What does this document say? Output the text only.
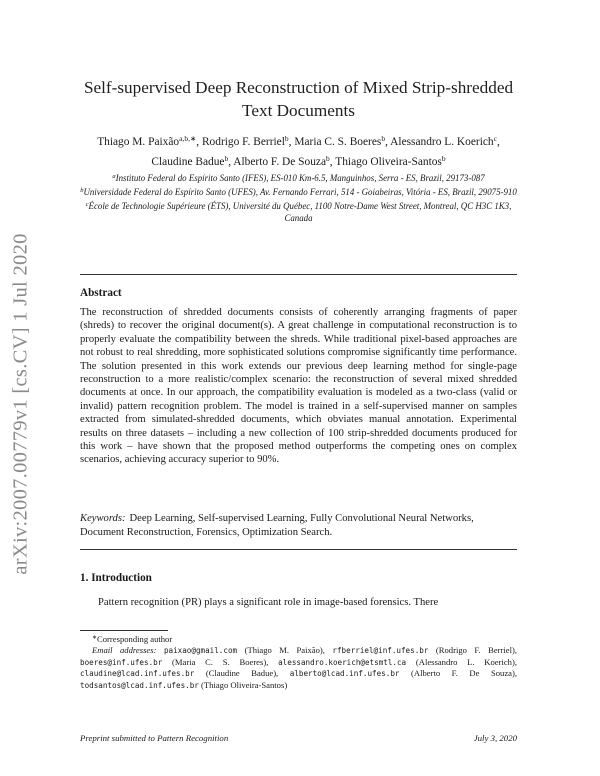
arXiv:2007.00779v1 [cs.CV] 1 Jul 2020
Self-supervised Deep Reconstruction of Mixed Strip-shredded
Text Documents
Thiago M. Paixão$^{a,b,∗}$, Rodrigo F. Berriel$^b$, Maria C. S. Boeres$^b$, Alessandro L. Koerich$^c$, Claudine Badue$^b$, Alberto F. De Souza$^b$, Thiago Oliveira-Santos$^b$

$^a$Instituto Federal do Espírito Santo (IFES), ES-010 Km-6.5, Manguinhos, Serra - ES, Brazil, 29173-087

$^b$Universidade Federal do Espírito Santo (UFES), Av. Fernando Ferrari, 514 - Goiabeiras, Vitória - ES, Brazil, 29075-910

$^c$École de Technologie Supérieure (ÉTS), Université du Québec, 1100 Notre-Dame West Street, Montreal, QC H3C 1K3, Canada

Abstract
The reconstruction of shredded documents consists of coherently arranging fragments of paper (shreds) to recover the original document(s). A great challenge in computational reconstruction is to properly evaluate the compatibility between the shreds. While traditional pixel-based approaches are not robust to real shredding, more sophisticated solutions compromise significantly time performance. The solution presented in this work extends our previous deep learning method for single-page reconstruction to a more realistic/complex scenario: the reconstruction of several mixed shredded documents at once. In our approach, the compatibility evaluation is modeled as a two-class (valid or invalid) pattern recognition problem. The model is trained in a self-supervised manner on samples extracted from simulated-shredded documents, which obviates manual annotation. Experimental results on three datasets – including a new collection of 100 strip-shredded documents produced for this work – have shown that the proposed method outperforms the competing ones on complex scenarios, achieving accuracy superior to 90%.
Keywords: Deep Learning, Self-supervised Learning, Fully Convolutional Neural Networks, Document Reconstruction, Forensics, Optimization Search.
1. Introduction
Pattern recognition (PR) plays a significant role in image-based forensics. There
∗Corresponding author
Email addresses: paixao@gmail.com (Thiago M. Paixão), rfberriel@inf.ufes.br (Rodrigo F. Berriel), boeres@inf.ufes.br (Maria C. S. Boeres), alessandro.koerich@etsmtl.ca (Alessandro L. Koerich), claudine@lcad.inf.ufes.br (Claudine Badue), alberto@lcad.inf.ufes.br (Alberto F. De Souza), todsantos@lcad.inf.ufes.br (Thiago Oliveira-Santos)
Preprint submitted to Pattern Recognition	July 3, 2020
